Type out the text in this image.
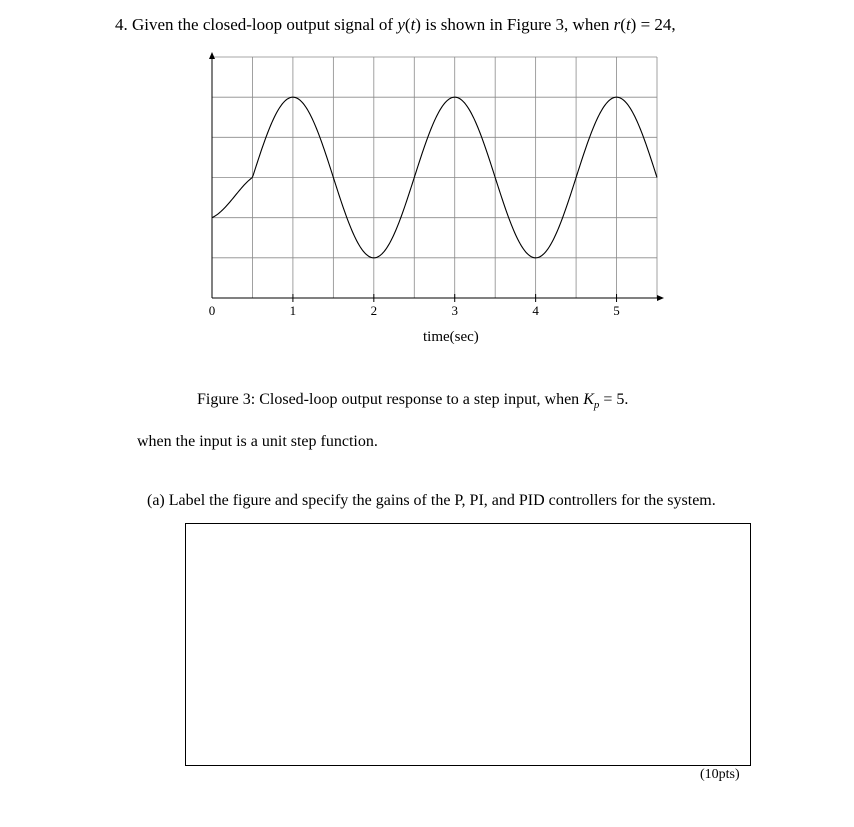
4. Given the closed-loop output signal of y(t) is shown in Figure 3, when r(t) = 24,
0	1	2	3	4	5
time(sec)
Figure 3: Closed-loop output response to a step input, when $K_p = 5$.
when the input is a unit step function.
(a) Label the figure and specify the gains of the P, PI, and PID controllers for the system.
(10pts)
